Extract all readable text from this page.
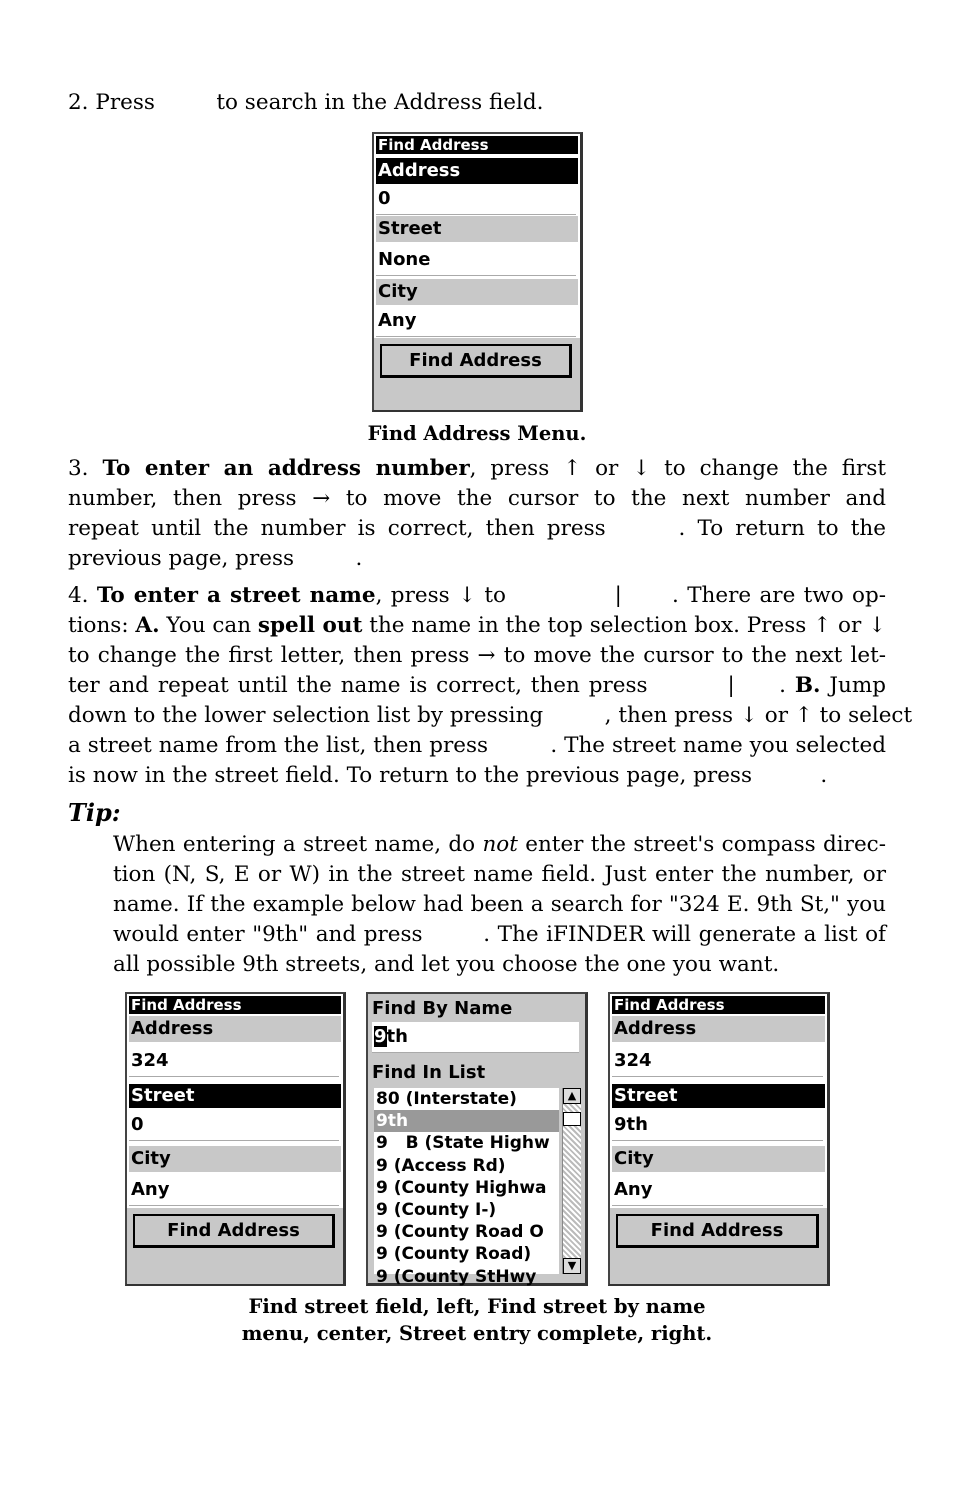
2. Press         to search in the Address field.
Find Address
Address
0
Street
None
City
Any
Find Address
Find Address Menu.
3. To enter an address number, press ↑ or ↓ to change the first
number, then press → to move the cursor to the next number and
repeat until the number is correct, then press      . To return to the
previous page, press         .
4. To enter a street name, press ↓ to             |      . There are two op-
tions: A. You can spell out the name in the top selection box. Press ↑ or ↓
to change the first letter, then press → to move the cursor to the next let-
ter and repeat until the name is correct, then press         |     . B. Jump
down to the lower selection list by pressing         , then press ↓ or ↑ to select
a street name from the list, then press         . The street name you selected
is now in the street field. To return to the previous page, press          .
Tip:
When entering a street name, do not enter the street's compass direc-
tion (N, S, E or W) in the street name field. Just enter the number, or
name. If the example below had been a search for "324 E. 9th St," you
would enter "9th" and press        . The iFINDER will generate a list of
all possible 9th streets, and let you choose the one you want.
Find Address
Address
324
Street
0
City
Any
Find Address
Find By Name
9th
Find In List
80 (Interstate)
9th
9   B (State Highw
9 (Access Rd)
9 (County Highwa
9 (County I-)
9 (County Road O
9 (County Road)
9 (County StHwy
▲
▼
Find Address
Address
324
Street
9th
City
Any
Find Address
Find street field, left, Find street by name
menu, center, Street entry complete, right.
